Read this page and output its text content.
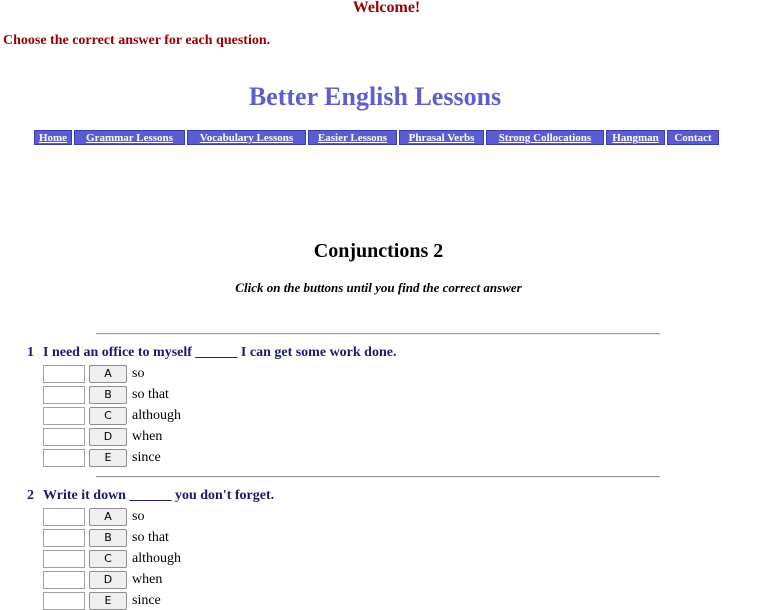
Welcome!
Choose the correct answer for each question.
Better English Lessons
Home	Grammar Lessons	Vocabulary Lessons	Easier Lessons	Phrasal Verbs	Strong Collocations	Hangman	Contact
Conjunctions 2
Click on the buttons until you find the correct answer
1 I need an office to myself ______ I can get some work done.
A	so
B	so that
C	although
D	when
E	since
2 Write it down ______ you don't forget.
A	so
B	so that
C	although
D	when
E	since
